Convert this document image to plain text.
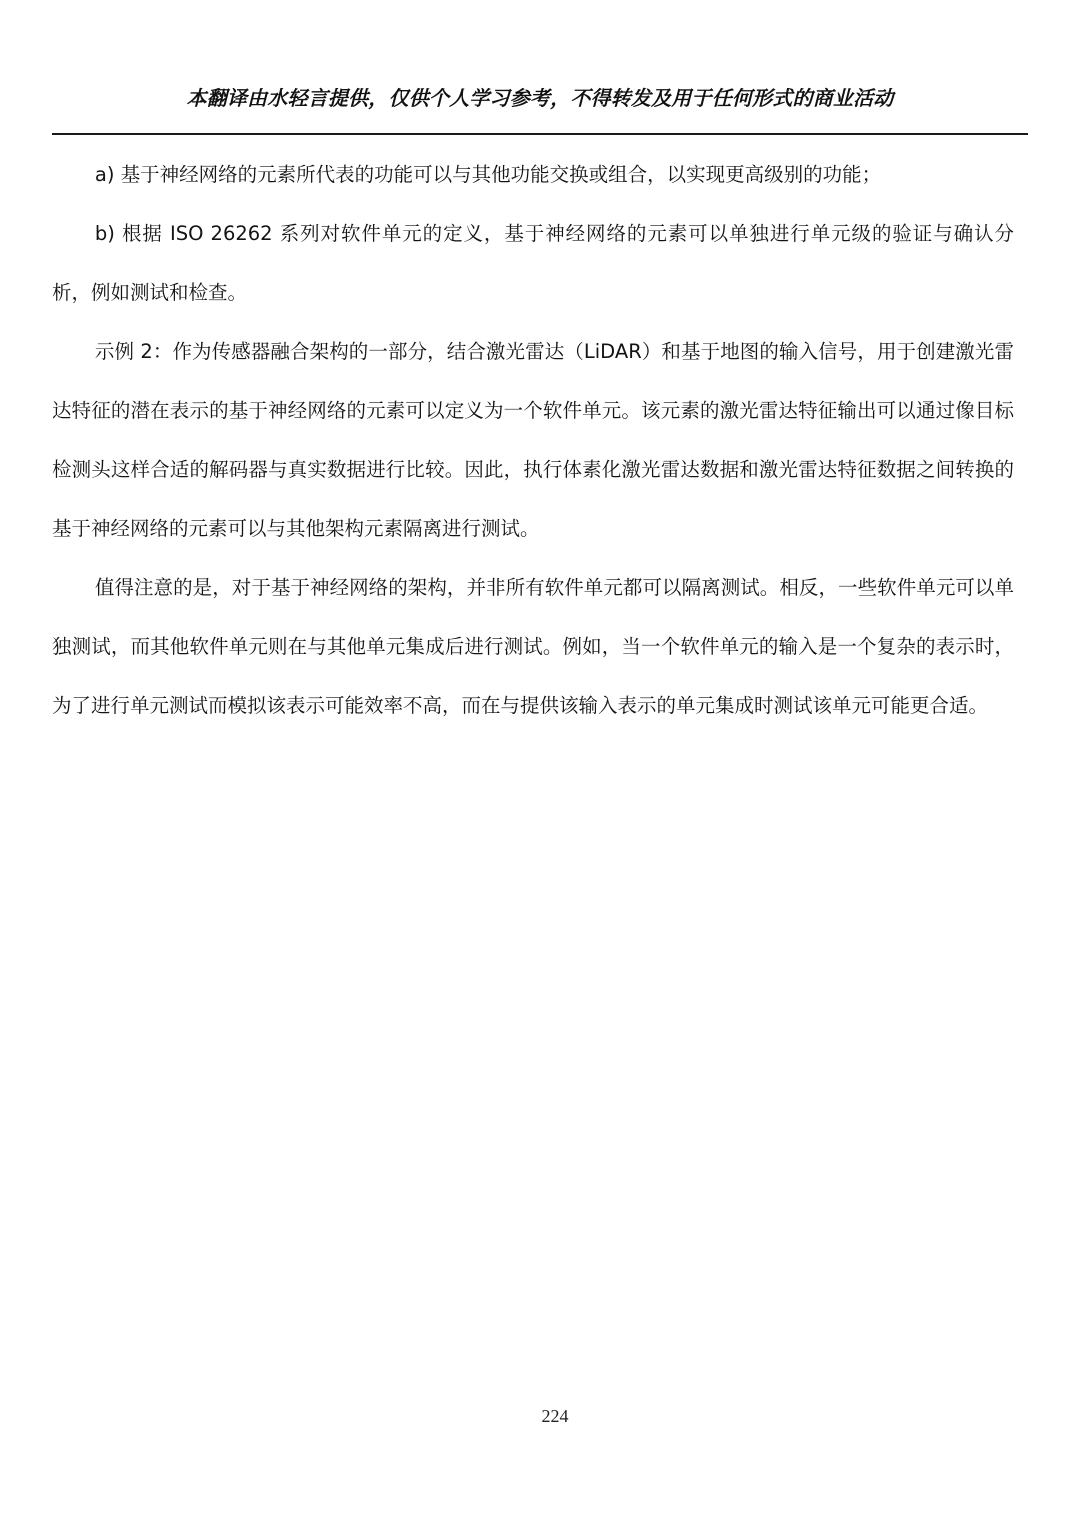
本翻译由水轻言提供，仅供个人学习参考，不得转发及用于任何形式的商业活动

a) 基于神经网络的元素所代表的功能可以与其他功能交换或组合，以实现更高级别的功能；

b) 根据 ISO 26262 系列对软件单元的定义，基于神经网络的元素可以单独进行单元级的验证与确认分析，例如测试和检查。

示例 2：作为传感器融合架构的一部分，结合激光雷达（LiDAR）和基于地图的输入信号，用于创建激光雷达特征的潜在表示的基于神经网络的元素可以定义为一个软件单元。该元素的激光雷达特征输出可以通过像目标检测头这样合适的解码器与真实数据进行比较。因此，执行体素化激光雷达数据和激光雷达特征数据之间转换的基于神经网络的元素可以与其他架构元素隔离进行测试。

值得注意的是，对于基于神经网络的架构，并非所有软件单元都可以隔离测试。相反，一些软件单元可以单独测试，而其他软件单元则在与其他单元集成后进行测试。例如，当一个软件单元的输入是一个复杂的表示时，为了进行单元测试而模拟该表示可能效率不高，而在与提供该输入表示的单元集成时测试该单元可能更合适。

224
